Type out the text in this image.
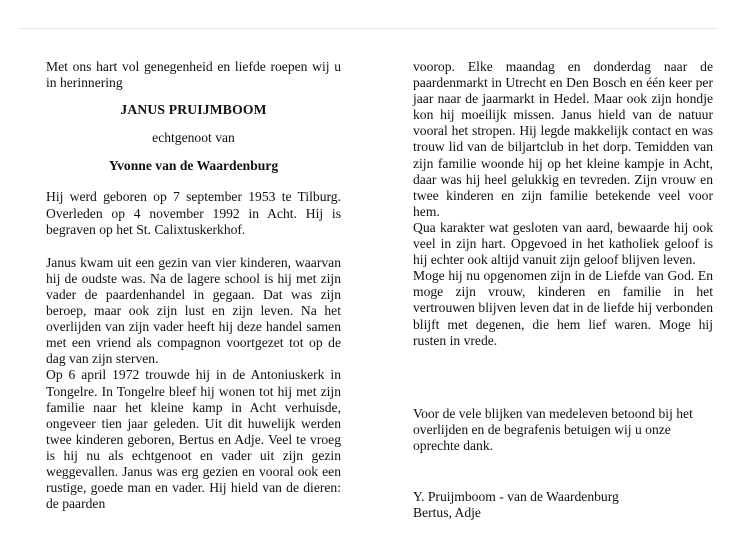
Met ons hart vol genegenheid en liefde roepen wij u in herinnering

JANUS PRUIJMBOOM

echtgenoot van

Yvonne van de Waardenburg

Hij werd geboren op 7 september 1953 te Tilburg. Overleden op 4 november 1992 in Acht. Hij is begraven op het St. Calixtuskerkhof.

Janus kwam uit een gezin van vier kinderen, waarvan hij de oudste was. Na de lagere school is hij met zijn vader de paardenhandel in gegaan. Dat was zijn beroep, maar ook zijn lust en zijn leven. Na het overlijden van zijn vader heeft hij deze handel samen met een vriend als compagnon voortgezet tot op de dag van zijn sterven.

Op 6 april 1972 trouwde hij in de Antoniuskerk in Tongelre. In Tongelre bleef hij wonen tot hij met zijn familie naar het kleine kamp in Acht verhuisde, ongeveer tien jaar geleden. Uit dit huwelijk werden twee kinderen geboren, Bertus en Adje. Veel te vroeg is hij nu als echtgenoot en vader uit zijn gezin weggevallen. Janus was erg gezien en vooral ook een rustige, goede man en vader. Hij hield van de dieren: de paarden

voorop. Elke maandag en donderdag naar de paardenmarkt in Utrecht en Den Bosch en één keer per jaar naar de jaarmarkt in Hedel. Maar ook zijn hondje kon hij moeilijk missen. Janus hield van de natuur vooral het stropen. Hij legde makkelijk contact en was trouw lid van de biljartclub in het dorp. Temidden van zijn familie woonde hij op het kleine kampje in Acht, daar was hij heel gelukkig en tevreden. Zijn vrouw en twee kinderen en zijn familie betekende veel voor hem.

Qua karakter wat gesloten van aard, bewaarde hij ook veel in zijn hart. Opgevoed in het katholiek geloof is hij echter ook altijd vanuit zijn geloof blijven leven.

Moge hij nu opgenomen zijn in de Liefde van God. En moge zijn vrouw, kinderen en familie in het vertrouwen blijven leven dat in de liefde hij verbonden blijft met degenen, die hem lief waren. Moge hij rusten in vrede.

Voor de vele blijken van medeleven betoond bij het overlijden en de begrafenis betuigen wij u onze oprechte dank.

Y. Pruijmboom - van de Waardenburg

Bertus, Adje
